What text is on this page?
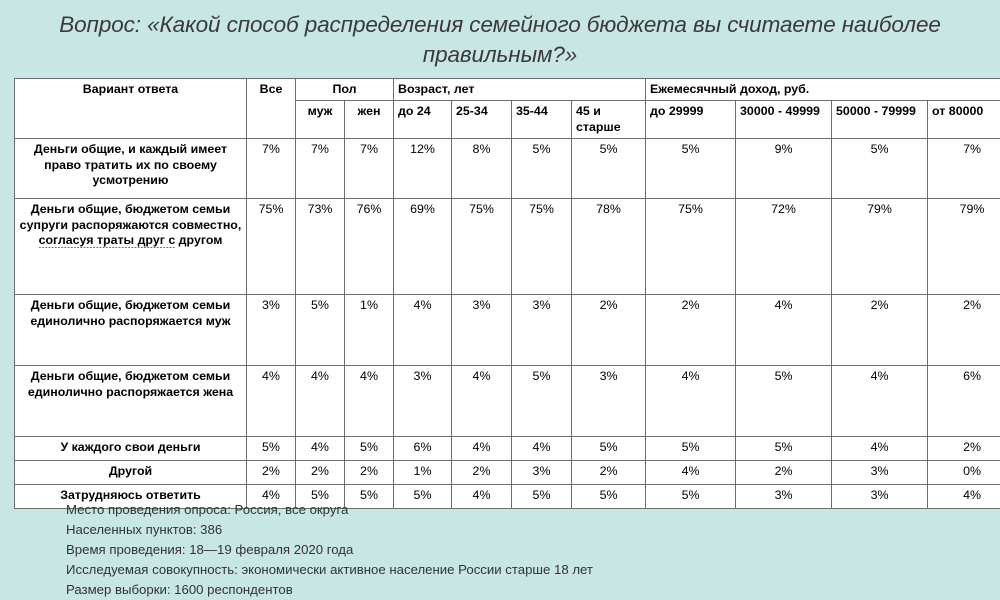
Вопрос: «Какой способ распределения семейного бюджета вы считаете наиболее правильным?»
Вариант ответа	Все	Пол		Возраст, лет				Ежемесячный доход, руб.			
		муж	жен	до 24	25-34	35-44	45 и старше	до 29999	30000 - 49999	50000 - 79999	от 80000
Деньги общие, и каждый имеет право тратить их по своему усмотрению	7%	7%	7%	12%	8%	5%	5%	5%	9%	5%	7%
Деньги общие, бюджетом семьи супруги распоряжаются совместно, согласуя траты друг с другом	75%	73%	76%	69%	75%	75%	78%	75%	72%	79%	79%
Деньги общие, бюджетом семьи единолично распоряжается муж	3%	5%	1%	4%	3%	3%	2%	2%	4%	2%	2%
Деньги общие, бюджетом семьи единолично распоряжается жена	4%	4%	4%	3%	4%	5%	3%	4%	5%	4%	6%
У каждого свои деньги	5%	4%	5%	6%	4%	4%	5%	5%	5%	4%	2%
Другой	2%	2%	2%	1%	2%	3%	2%	4%	2%	3%	0%
Затрудняюсь ответить	4%	5%	5%	5%	4%	5%	5%	5%	3%	3%	4%
Место проведения опроса: Россия, все округа
Населенных пунктов: 386
Время проведения: 18—19 февраля 2020 года
Исследуемая совокупность: экономически активное население России старше 18 лет
Размер выборки: 1600 респондентов
